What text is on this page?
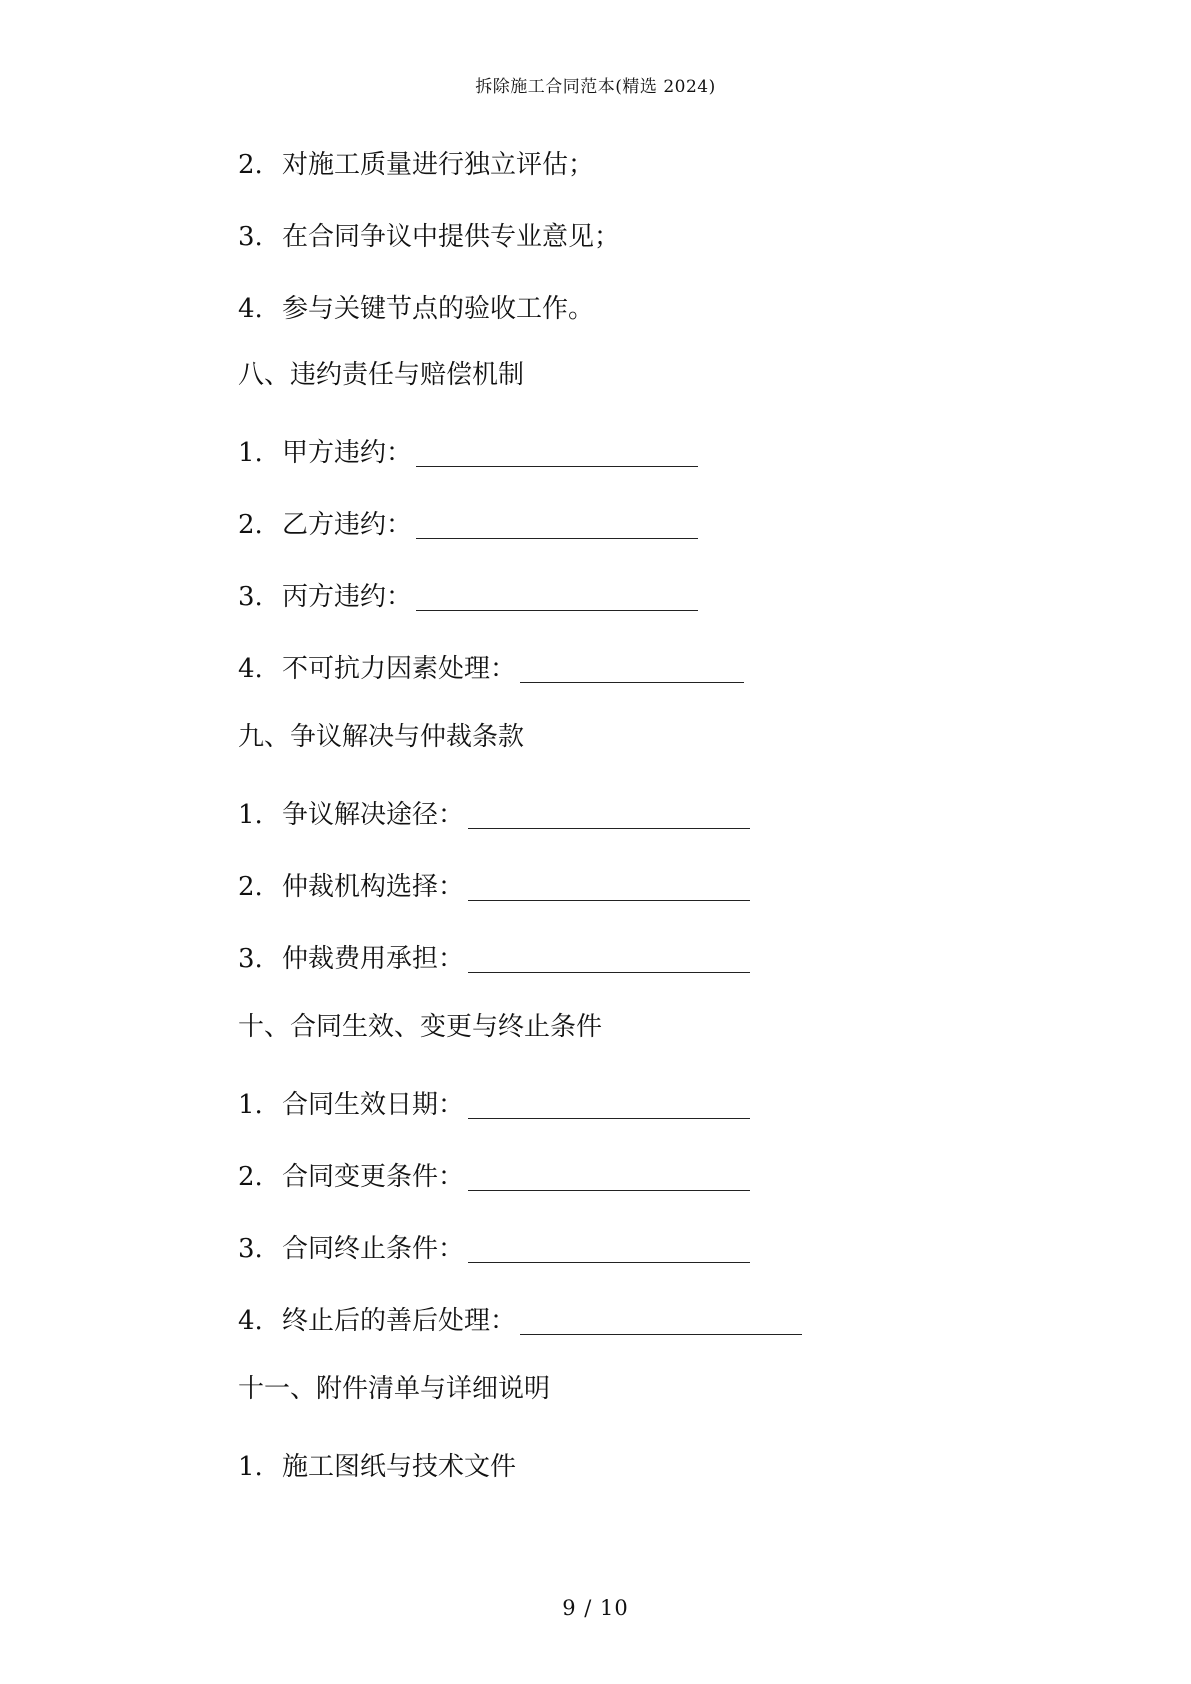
拆除施工合同范本(精选 2024)
2. 对施工质量进行独立评估；
3. 在合同争议中提供专业意见；
4. 参与关键节点的验收工作。
八、违约责任与赔偿机制
1. 甲方违约：
2. 乙方违约：
3. 丙方违约：
4. 不可抗力因素处理：
九、争议解决与仲裁条款
1. 争议解决途径：
2. 仲裁机构选择：
3. 仲裁费用承担：
十、合同生效、变更与终止条件
1. 合同生效日期：
2. 合同变更条件：
3. 合同终止条件：
4. 终止后的善后处理：
十一、附件清单与详细说明
1. 施工图纸与技术文件
9 / 10
